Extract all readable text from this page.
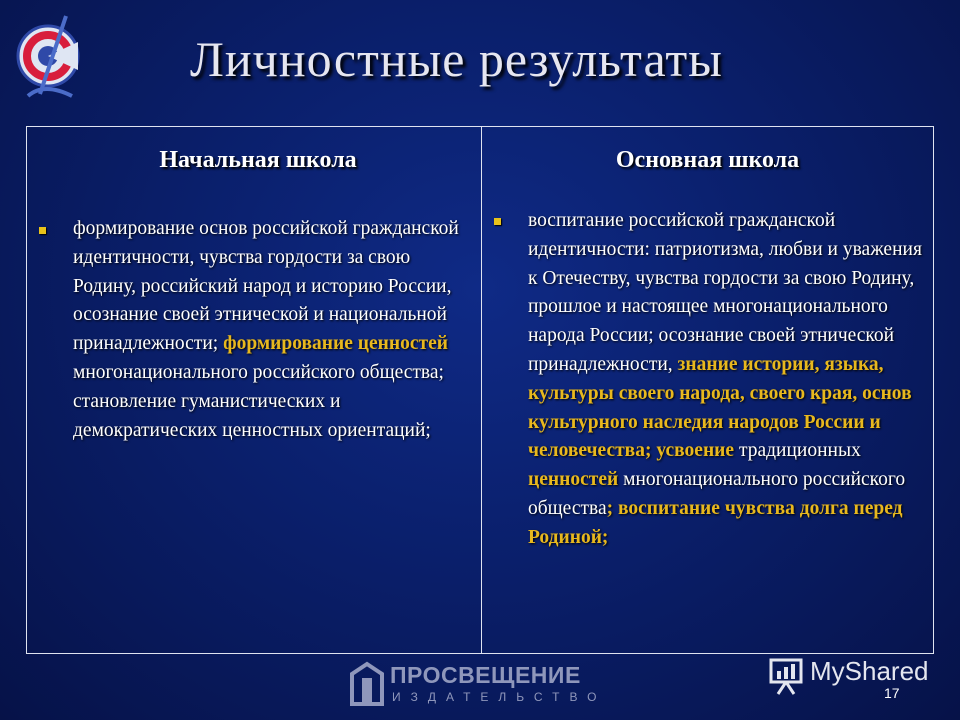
Личностные результаты
Начальная школа
формирование основ российской гражданской идентичности, чувства гордости за свою Родину, российский народ и историю России, осознание своей этнической и национальной принадлежности; формирование ценностей многонационального российского общества; становление гуманистических и демократических ценностных ориентаций;
Основная школа
воспитание российской гражданской идентичности: патриотизма, любви и уважения к Отечеству, чувства гордости за свою Родину, прошлое и настоящее многонационального народа России; осознание своей этнической принадлежности, знание истории, языка, культуры своего народа, своего края, основ культурного наследия народов России и человечества; усвоение традиционных ценностей многонационального российского общества; воспитание чувства долга перед Родиной;
ПРОСВЕЩЕНИЕ
ИЗДАТЕЛЬСТВО
MyShared
17
